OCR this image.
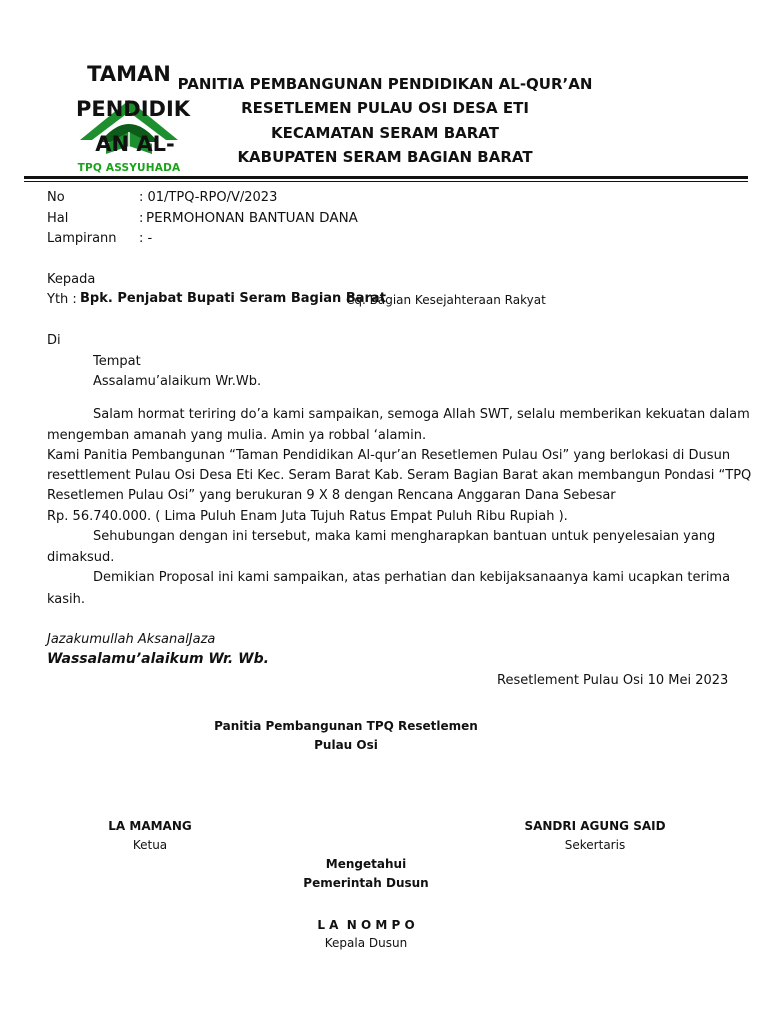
TAMAN
PENDIDIK
AN AL-
TPQ ASSYUHADA
PANITIA PEMBANGUNAN PENDIDIKAN AL-QUR’AN
RESETLEMEN PULAU OSI DESA ETI
KECAMATAN SERAM BARAT
KABUPATEN SERAM BAGIAN BARAT
No	: 01/TPQ-RPO/V/2023
Hal	: PERMOHONAN BANTUAN DANA
Lampirann : -
Kepada
Yth : Bpk. Penjabat Bupati Seram Bagian Barat
Cq. Bagian Kesejahteraan Rakyat
Di
Tempat
Assalamu’alaikum Wr.Wb.
Salam hormat teriring do’a kami sampaikan, semoga Allah SWT, selalu memberikan kekuatan dalam
mengemban amanah yang mulia. Amin ya robbal ‘alamin.
Kami Panitia Pembangunan “Taman Pendidikan Al-qur’an Resetlemen Pulau Osi” yang berlokasi di Dusun
resettlement Pulau Osi Desa Eti Kec. Seram Barat Kab. Seram Bagian Barat akan membangun Pondasi “TPQ
Resetlemen Pulau Osi” yang berukuran 9 X 8 dengan Rencana Anggaran Dana Sebesar
Rp. 56.740.000. ( Lima Puluh Enam Juta Tujuh Ratus Empat Puluh Ribu Rupiah ).
Sehubungan dengan ini tersebut, maka kami mengharapkan bantuan untuk penyelesaian yang
dimaksud.
Demikian Proposal ini kami sampaikan, atas perhatian dan kebijaksanaanya kami ucapkan terima
kasih.
Jazakumullah AksanalJaza
Wassalamu’alaikum Wr. Wb.
Resetlement Pulau Osi 10 Mei 2023
Panitia Pembangunan TPQ Resetlemen
Pulau Osi
LA MAMANG
Ketua
SANDRI AGUNG SAID
Sekertaris
Mengetahui
Pemerintah Dusun
L A  N O M P O
Kepala Dusun
